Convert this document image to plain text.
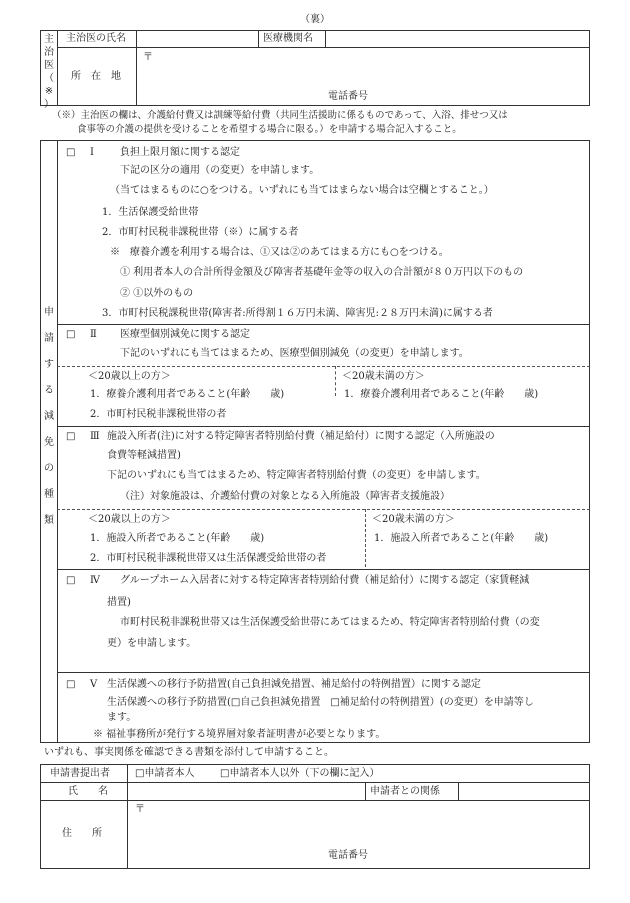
（裏）
主
治
医
（
※
）
主治医の氏名	医療機関名
所　在　地
〒
電話番号
（※）主治医の欄は、介護給付費又は訓練等給付費（共同生活援助に係るものであって、入浴、排せつ又は
食事等の介護の提供を受けることを希望する場合に限る。）を申請する場合記入すること。
申
請
す
る
減
免
の
種
類
□ Ⅰ	負担上限月額に関する認定
下記の区分の適用（の変更）を申請します。
（当てはまるものに○をつける。いずれにも当てはまらない場合は空欄とすること。）
1．生活保護受給世帯
2．市町村民税非課税世帯（※）に属する者
※　療養介護を利用する場合は、①又は②のあてはまる方にも○をつける。
① 利用者本人の合計所得金額及び障害者基礎年金等の収入の合計額が８０万円以下のもの
② ①以外のもの
3．市町村民税課税世帯(障害者:所得割１６万円未満、障害児:２８万円未満)に属する者
□ Ⅱ 医療型個別減免に関する認定
下記のいずれにも当てはまるため、医療型個別減免（の変更）を申請します。
＜20歳以上の方＞
1．療養介護利用者であること(年齢　　歳)
2．市町村民税非課税世帯の者
＜20歳未満の方＞
1．療養介護利用者であること(年齢　　歳)
□ Ⅲ 施設入所者(注)に対する特定障害者特別給付費（補足給付）に関する認定（入所施設の
食費等軽減措置)
下記のいずれにも当てはまるため、特定障害者特別給付費（の変更）を申請します。
（注）対象施設は、介護給付費の対象となる入所施設（障害者支援施設）
＜20歳以上の方＞
1．施設入所者であること(年齢　　歳)
2．市町村民税非課税世帯又は生活保護受給世帯の者
＜20歳未満の方＞
1．施設入所者であること(年齢　　歳)
□ Ⅳ グループホーム入居者に対する特定障害者特別給付費（補足給付）に関する認定（家賃軽減
措置)
市町村民税非課税世帯又は生活保護受給世帯にあてはまるため、特定障害者特別給付費（の変
更）を申請します。
□ Ⅴ 生活保護への移行予防措置(自己負担減免措置、補足給付の特例措置）に関する認定
生活保護への移行予防措置(□自己負担減免措置　□補足給付の特例措置）(の変更）を申請等し
ます。
※ 福祉事務所が発行する境界層対象者証明書が必要となります。
いずれも、事実関係を確認できる書類を添付して申請すること。
申請書提出者	□申請者本人	□申請者本人以外（下の欄に記入）
氏　　名	申請者との関係
住　　所
〒
電話番号
